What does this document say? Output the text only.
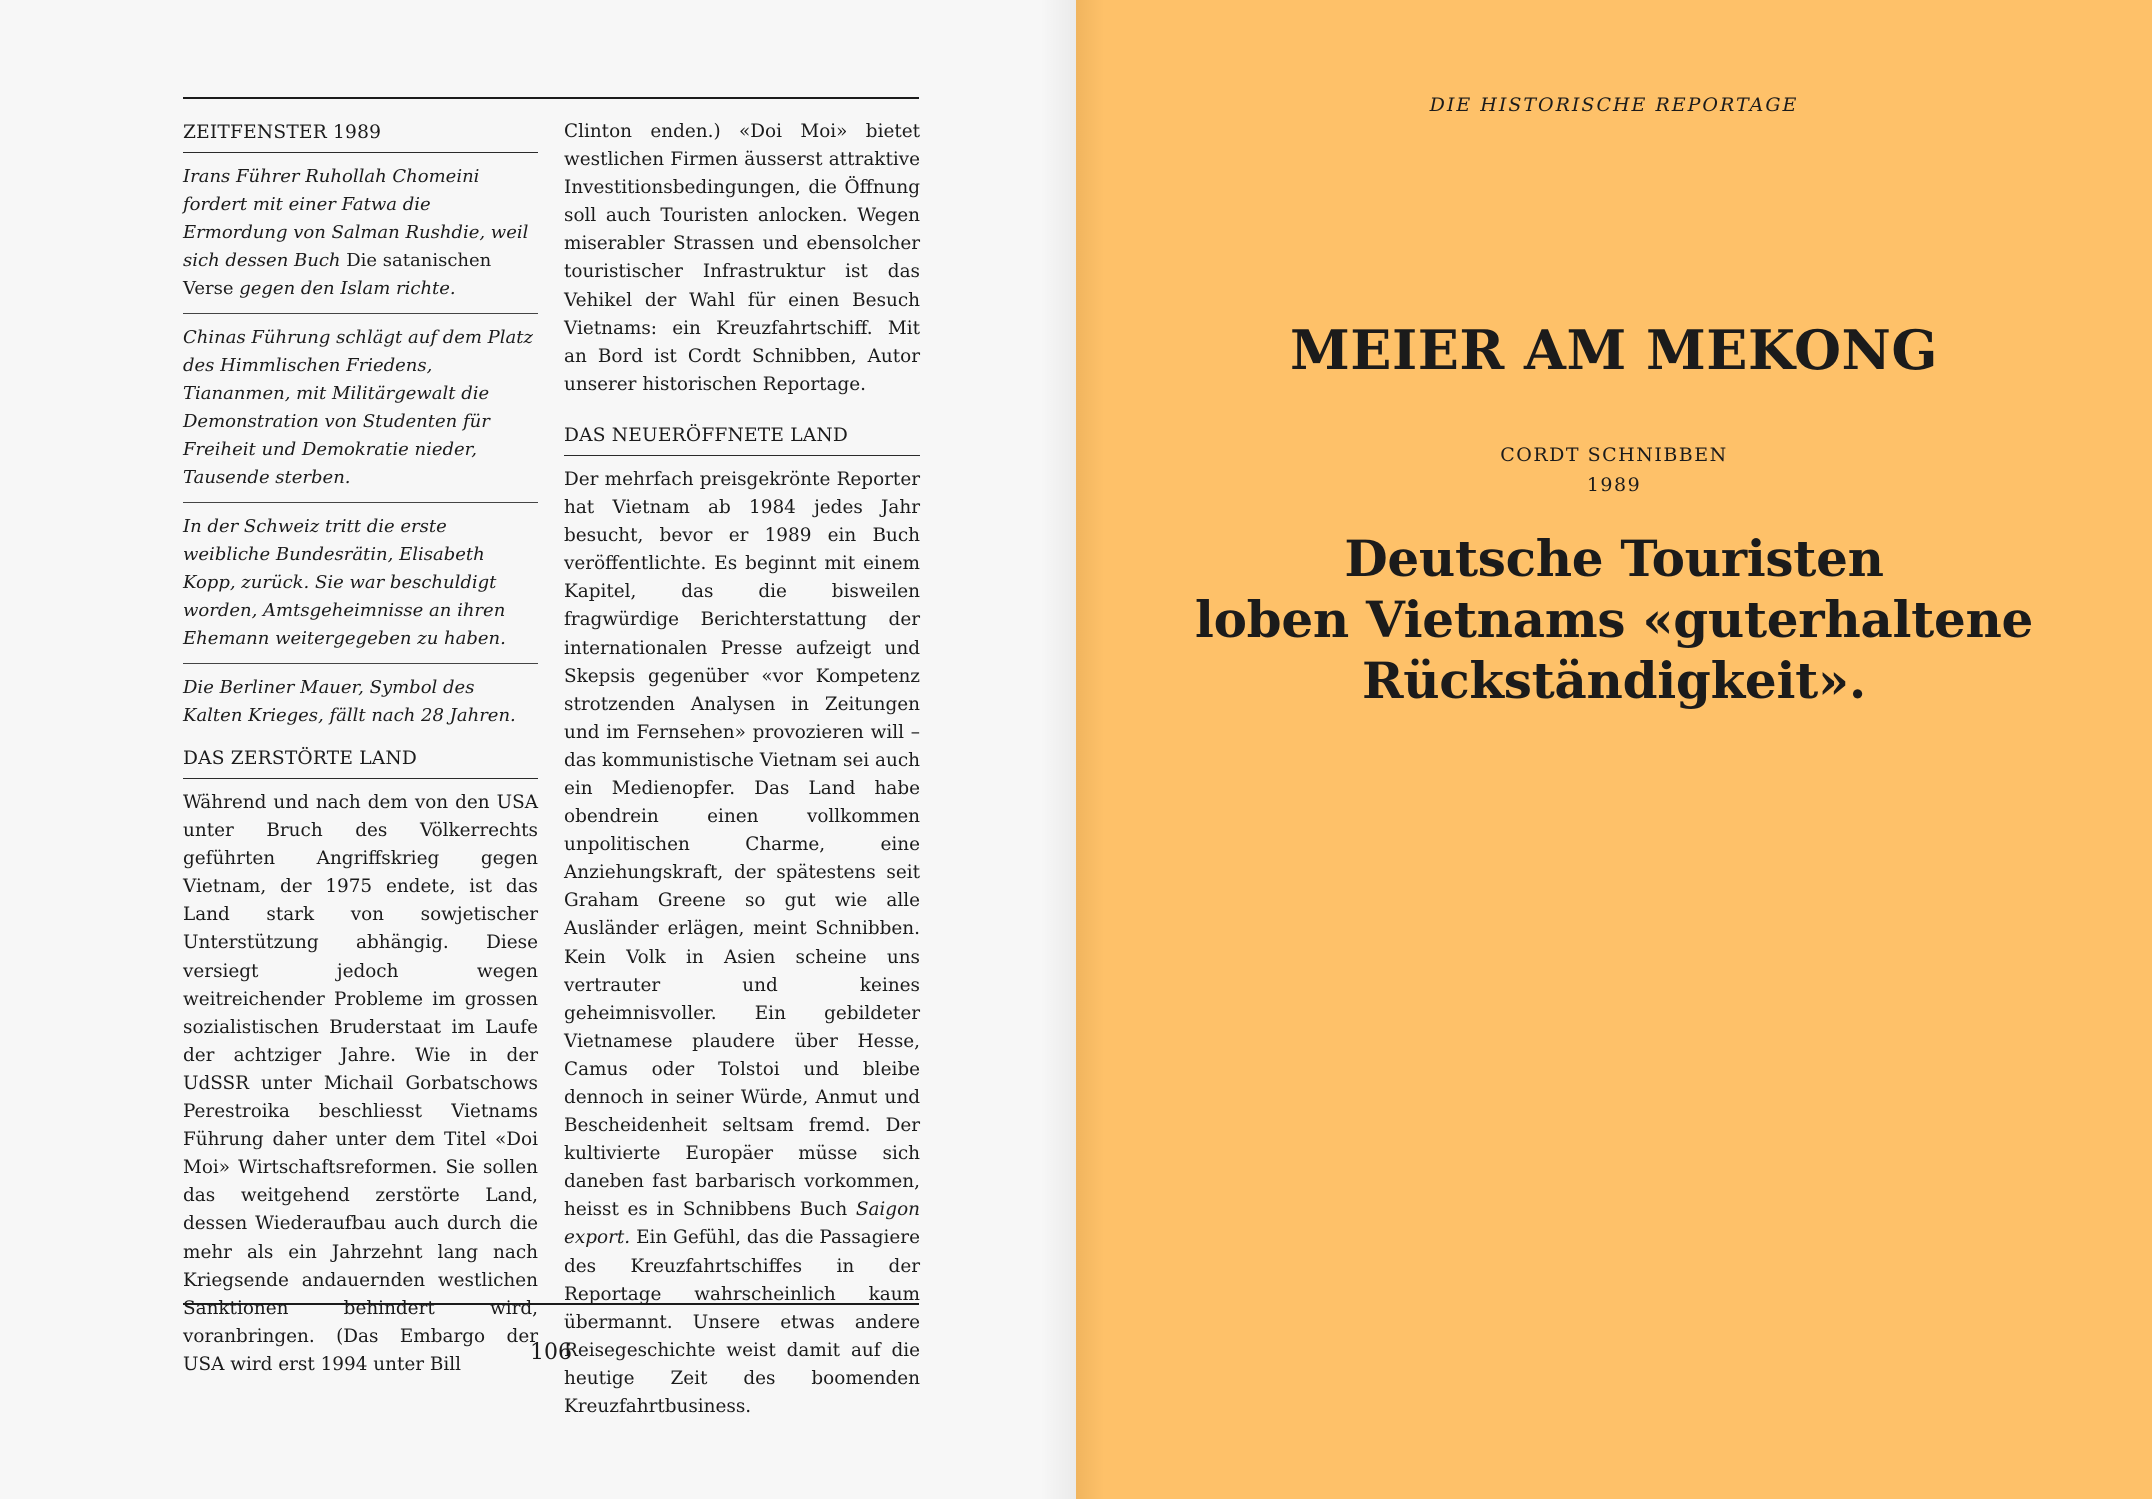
ZEITFENSTER 1989
Irans Führer Ruhollah Chomeini fordert mit einer Fatwa die Ermordung von Salman Rushdie, weil sich dessen Buch Die satanischen Verse gegen den Islam richte.
Chinas Führung schlägt auf dem Platz des Himmlischen Friedens, Tiananmen, mit Militärgewalt die Demonstration von Studenten für Freiheit und Demokratie nieder, Tausende sterben.
In der Schweiz tritt die erste weibliche Bundesrätin, Elisabeth Kopp, zurück. Sie war beschuldigt worden, Amtsgeheimnisse an ihren Ehemann weitergegeben zu haben.
Die Berliner Mauer, Symbol des Kalten Krieges, fällt nach 28 Jahren.
DAS ZERSTÖRTE LAND
Während und nach dem von den USA unter Bruch des Völkerrechts geführten Angriffskrieg gegen Vietnam, der 1975 endete, ist das Land stark von sowjetischer Unterstützung abhängig. Diese versiegt jedoch wegen weitreichender Probleme im grossen sozialistischen Bruderstaat im Laufe der achtziger Jahre. Wie in der UdSSR unter Michail Gorbatschows Perestroika beschliesst Vietnams Führung daher unter dem Titel «Doi Moi» Wirtschaftsreformen. Sie sollen das weitgehend zerstörte Land, dessen Wiederaufbau auch durch die mehr als ein Jahrzehnt lang nach Kriegsende andauernden westlichen Sanktionen behindert wird, voranbringen. (Das Embargo der USA wird erst 1994 unter Bill
Clinton enden.) «Doi Moi» bietet westlichen Firmen äusserst attraktive Investitionsbedingungen, die Öffnung soll auch Touristen anlocken. Wegen miserabler Strassen und ebensolcher touristischer Infrastruktur ist das Vehikel der Wahl für einen Besuch Vietnams: ein Kreuzfahrtschiff. Mit an Bord ist Cordt Schnibben, Autor unserer historischen Reportage.
DAS NEUERÖFFNETE LAND
Der mehrfach preisgekrönte Reporter hat Vietnam ab 1984 jedes Jahr besucht, bevor er 1989 ein Buch veröffentlichte. Es beginnt mit einem Kapitel, das die bisweilen fragwürdige Berichterstattung der internationalen Presse aufzeigt und Skepsis gegenüber «vor Kompetenz strotzenden Analysen in Zeitungen und im Fernsehen» provozieren will – das kommunistische Vietnam sei auch ein Medienopfer. Das Land habe obendrein einen vollkommen unpolitischen Charme, eine Anziehungskraft, der spätestens seit Graham Greene so gut wie alle Ausländer erlägen, meint Schnibben. Kein Volk in Asien scheine uns vertrauter und keines geheimnisvoller. Ein gebildeter Vietnamese plaudere über Hesse, Camus oder Tolstoi und bleibe dennoch in seiner Würde, Anmut und Bescheidenheit seltsam fremd. Der kultivierte Europäer müsse sich daneben fast barbarisch vorkommen, heisst es in Schnibbens Buch Saigon export. Ein Gefühl, das die Passagiere des Kreuzfahrtschiffes in der Reportage wahrscheinlich kaum übermannt. Unsere etwas andere Reisegeschichte weist damit auf die heutige Zeit des boomenden Kreuzfahrtbusiness.
106
DIE HISTORISCHE REPORTAGE
MEIER AM MEKONG
CORDT SCHNIBBEN
1989
Deutsche Touristen
loben Vietnams «guterhaltene
Rückständigkeit».
